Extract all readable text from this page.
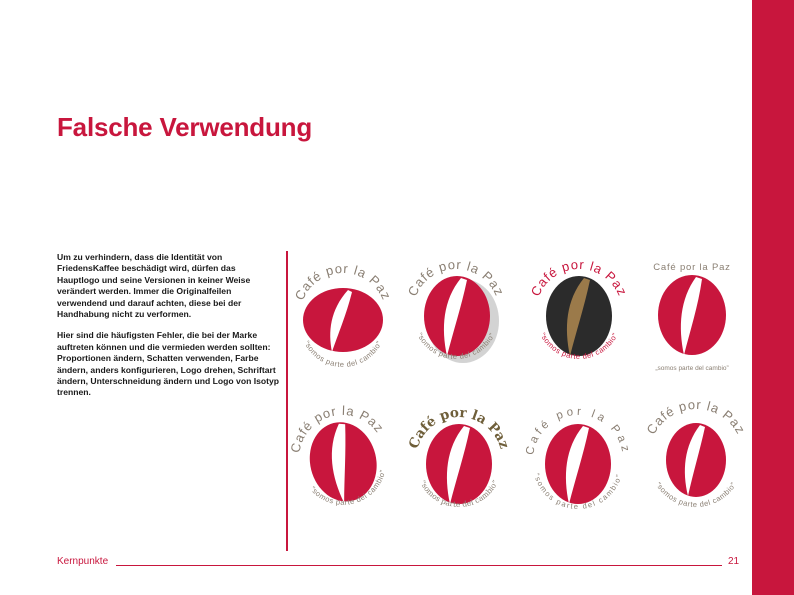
Falsche Verwendung

Um zu verhindern, dass die Identität von FriedensKaffee beschädigt wird, dürfen das Hauptlogo und seine Versionen in keiner Weise verändert werden. Immer die Originalfeilen verwendend und darauf achten, diese bei der Handhabung nicht zu verformen.

Hier sind die häufigsten Fehler, die bei der Marke auftreten können und die vermieden werden sollten: Proportionen ändern, Schatten verwenden, Farbe ändern, anders konfigurieren, Logo drehen, Schriftart ändern, Unterschneidung ändern und Logo von Isotyp trennen.

Café por la Paz
“somos parte del cambio”
Café por la Paz
“somos parte del cambio”
Café por la Paz
“somos parte del cambio”
Café por la Paz
„somos parte del cambio”
Café por la Paz
“somos parte del cambio”
Café por la Paz
“somos parte del cambio”
Café por la Paz
“somos parte del cambio”
Café por la Paz
“somos parte del cambio”
Kernpunkte	21
